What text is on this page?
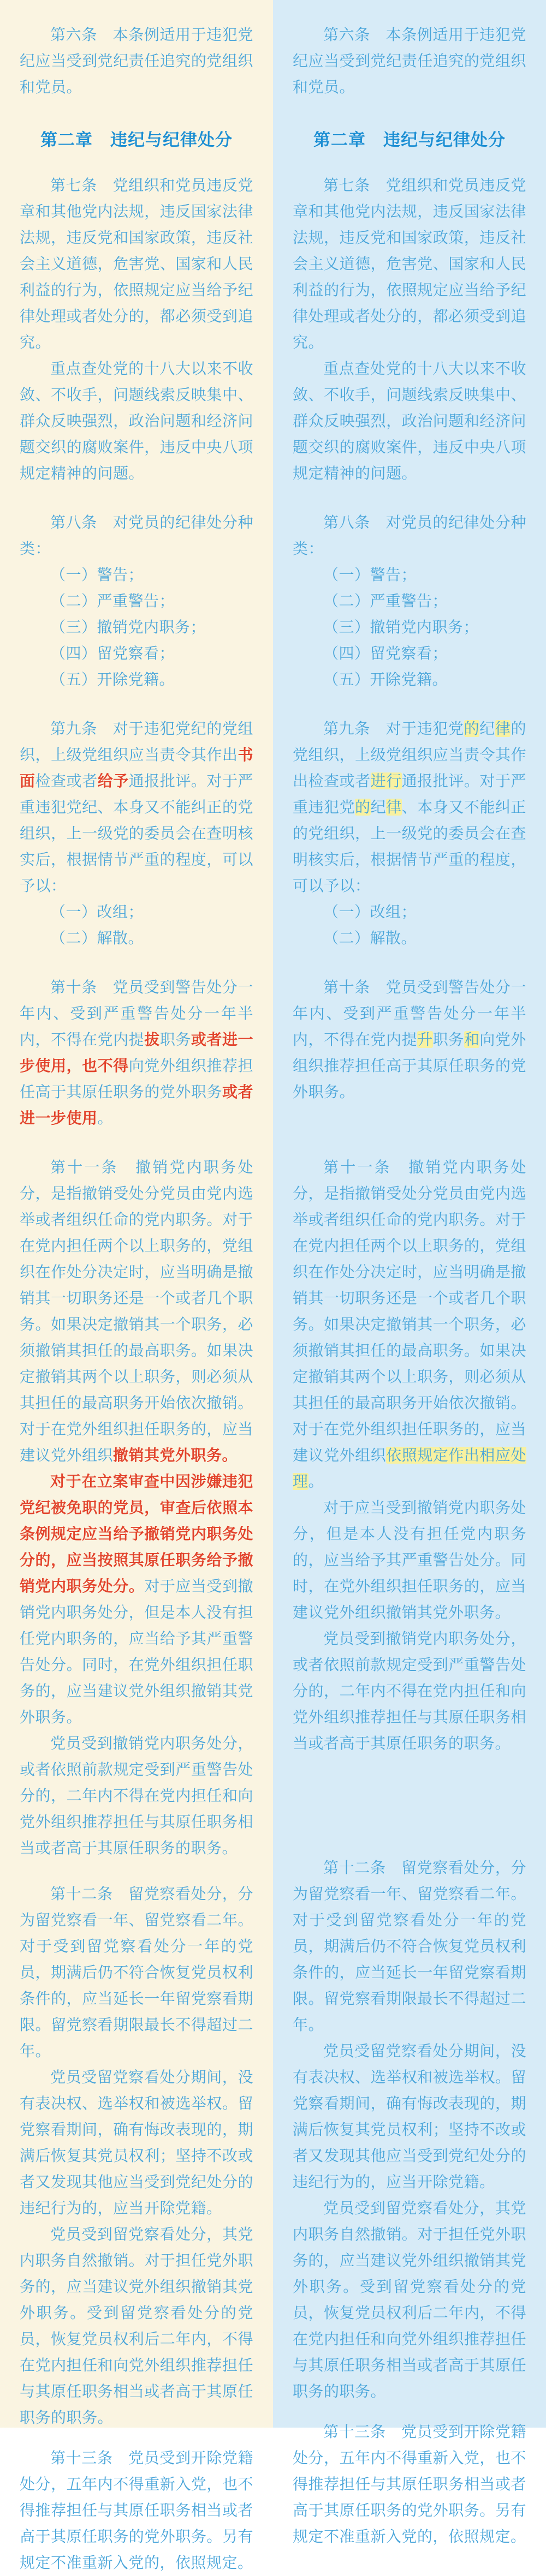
第六条　本条例适用于违犯党纪应当受到党纪责任追究的党组织和党员。

第二章　违纪与纪律处分

第七条　党组织和党员违反党章和其他党内法规，违反国家法律法规，违反党和国家政策，违反社会主义道德，危害党、国家和人民利益的行为，依照规定应当给予纪律处理或者处分的，都必须受到追究。

重点查处党的十八大以来不收敛、不收手，问题线索反映集中、群众反映强烈，政治问题和经济问题交织的腐败案件，违反中央八项规定精神的问题。

第八条　对党员的纪律处分种类：

（一）警告；

（二）严重警告；

（三）撤销党内职务；

（四）留党察看；

（五）开除党籍。

第九条　对于违犯党纪的党组织，上级党组织应当责令其作出书面检查或者给予通报批评。对于严重违犯党纪、本身又不能纠正的党组织，上一级党的委员会在查明核实后，根据情节严重的程度，可以予以：

（一）改组；

（二）解散。

第十条　党员受到警告处分一年内、受到严重警告处分一年半内，不得在党内提拔职务或者进一步使用，也不得向党外组织推荐担任高于其原任职务的党外职务或者进一步使用。

第十一条　撤销党内职务处分，是指撤销受处分党员由党内选举或者组织任命的党内职务。对于在党内担任两个以上职务的，党组织在作处分决定时，应当明确是撤销其一切职务还是一个或者几个职务。如果决定撤销其一个职务，必须撤销其担任的最高职务。如果决定撤销其两个以上职务，则必须从其担任的最高职务开始依次撤销。对于在党外组织担任职务的，应当建议党外组织撤销其党外职务。

对于在立案审查中因涉嫌违犯党纪被免职的党员，审查后依照本条例规定应当给予撤销党内职务处分的，应当按照其原任职务给予撤销党内职务处分。对于应当受到撤销党内职务处分，但是本人没有担任党内职务的，应当给予其严重警告处分。同时，在党外组织担任职务的，应当建议党外组织撤销其党外职务。

党员受到撤销党内职务处分，或者依照前款规定受到严重警告处分的，二年内不得在党内担任和向党外组织推荐担任与其原任职务相当或者高于其原任职务的职务。

第十二条　留党察看处分，分为留党察看一年、留党察看二年。对于受到留党察看处分一年的党员，期满后仍不符合恢复党员权利条件的，应当延长一年留党察看期限。留党察看期限最长不得超过二年。

党员受留党察看处分期间，没有表决权、选举权和被选举权。留党察看期间，确有悔改表现的，期满后恢复其党员权利；坚持不改或者又发现其他应当受到党纪处分的违纪行为的，应当开除党籍。

党员受到留党察看处分，其党内职务自然撤销。对于担任党外职务的，应当建议党外组织撤销其党外职务。受到留党察看处分的党员，恢复党员权利后二年内，不得在党内担任和向党外组织推荐担任与其原任职务相当或者高于其原任职务的职务。

第十三条　党员受到开除党籍处分，五年内不得重新入党，也不得推荐担任与其原任职务相当或者高于其原任职务的党外职务。另有规定不准重新入党的，依照规定。

第六条　本条例适用于违犯党纪应当受到党纪责任追究的党组织和党员。

第二章　违纪与纪律处分

第七条　党组织和党员违反党章和其他党内法规，违反国家法律法规，违反党和国家政策，违反社会主义道德，危害党、国家和人民利益的行为，依照规定应当给予纪律处理或者处分的，都必须受到追究。

重点查处党的十八大以来不收敛、不收手，问题线索反映集中、群众反映强烈，政治问题和经济问题交织的腐败案件，违反中央八项规定精神的问题。

第八条　对党员的纪律处分种类：

（一）警告；

（二）严重警告；

（三）撤销党内职务；

（四）留党察看；

（五）开除党籍。

第九条　对于违犯党的纪律的党组织，上级党组织应当责令其作出检查或者进行通报批评。对于严重违犯党的纪律、本身又不能纠正的党组织，上一级党的委员会在查明核实后，根据情节严重的程度，可以予以：

（一）改组；

（二）解散。

第十条　党员受到警告处分一年内、受到严重警告处分一年半内，不得在党内提升职务和向党外组织推荐担任高于其原任职务的党外职务。

第十一条　撤销党内职务处分，是指撤销受处分党员由党内选举或者组织任命的党内职务。对于在党内担任两个以上职务的，党组织在作处分决定时，应当明确是撤销其一切职务还是一个或者几个职务。如果决定撤销其一个职务，必须撤销其担任的最高职务。如果决定撤销其两个以上职务，则必须从其担任的最高职务开始依次撤销。对于在党外组织担任职务的，应当建议党外组织依照规定作出相应处理。

对于应当受到撤销党内职务处分，但是本人没有担任党内职务的，应当给予其严重警告处分。同时，在党外组织担任职务的，应当建议党外组织撤销其党外职务。

党员受到撤销党内职务处分，或者依照前款规定受到严重警告处分的，二年内不得在党内担任和向党外组织推荐担任与其原任职务相当或者高于其原任职务的职务。

第十二条　留党察看处分，分为留党察看一年、留党察看二年。对于受到留党察看处分一年的党员，期满后仍不符合恢复党员权利条件的，应当延长一年留党察看期限。留党察看期限最长不得超过二年。

党员受留党察看处分期间，没有表决权、选举权和被选举权。留党察看期间，确有悔改表现的，期满后恢复其党员权利；坚持不改或者又发现其他应当受到党纪处分的违纪行为的，应当开除党籍。

党员受到留党察看处分，其党内职务自然撤销。对于担任党外职务的，应当建议党外组织撤销其党外职务。受到留党察看处分的党员，恢复党员权利后二年内，不得在党内担任和向党外组织推荐担任与其原任职务相当或者高于其原任职务的职务。

第十三条　党员受到开除党籍处分，五年内不得重新入党，也不得推荐担任与其原任职务相当或者高于其原任职务的党外职务。另有规定不准重新入党的，依照规定。
